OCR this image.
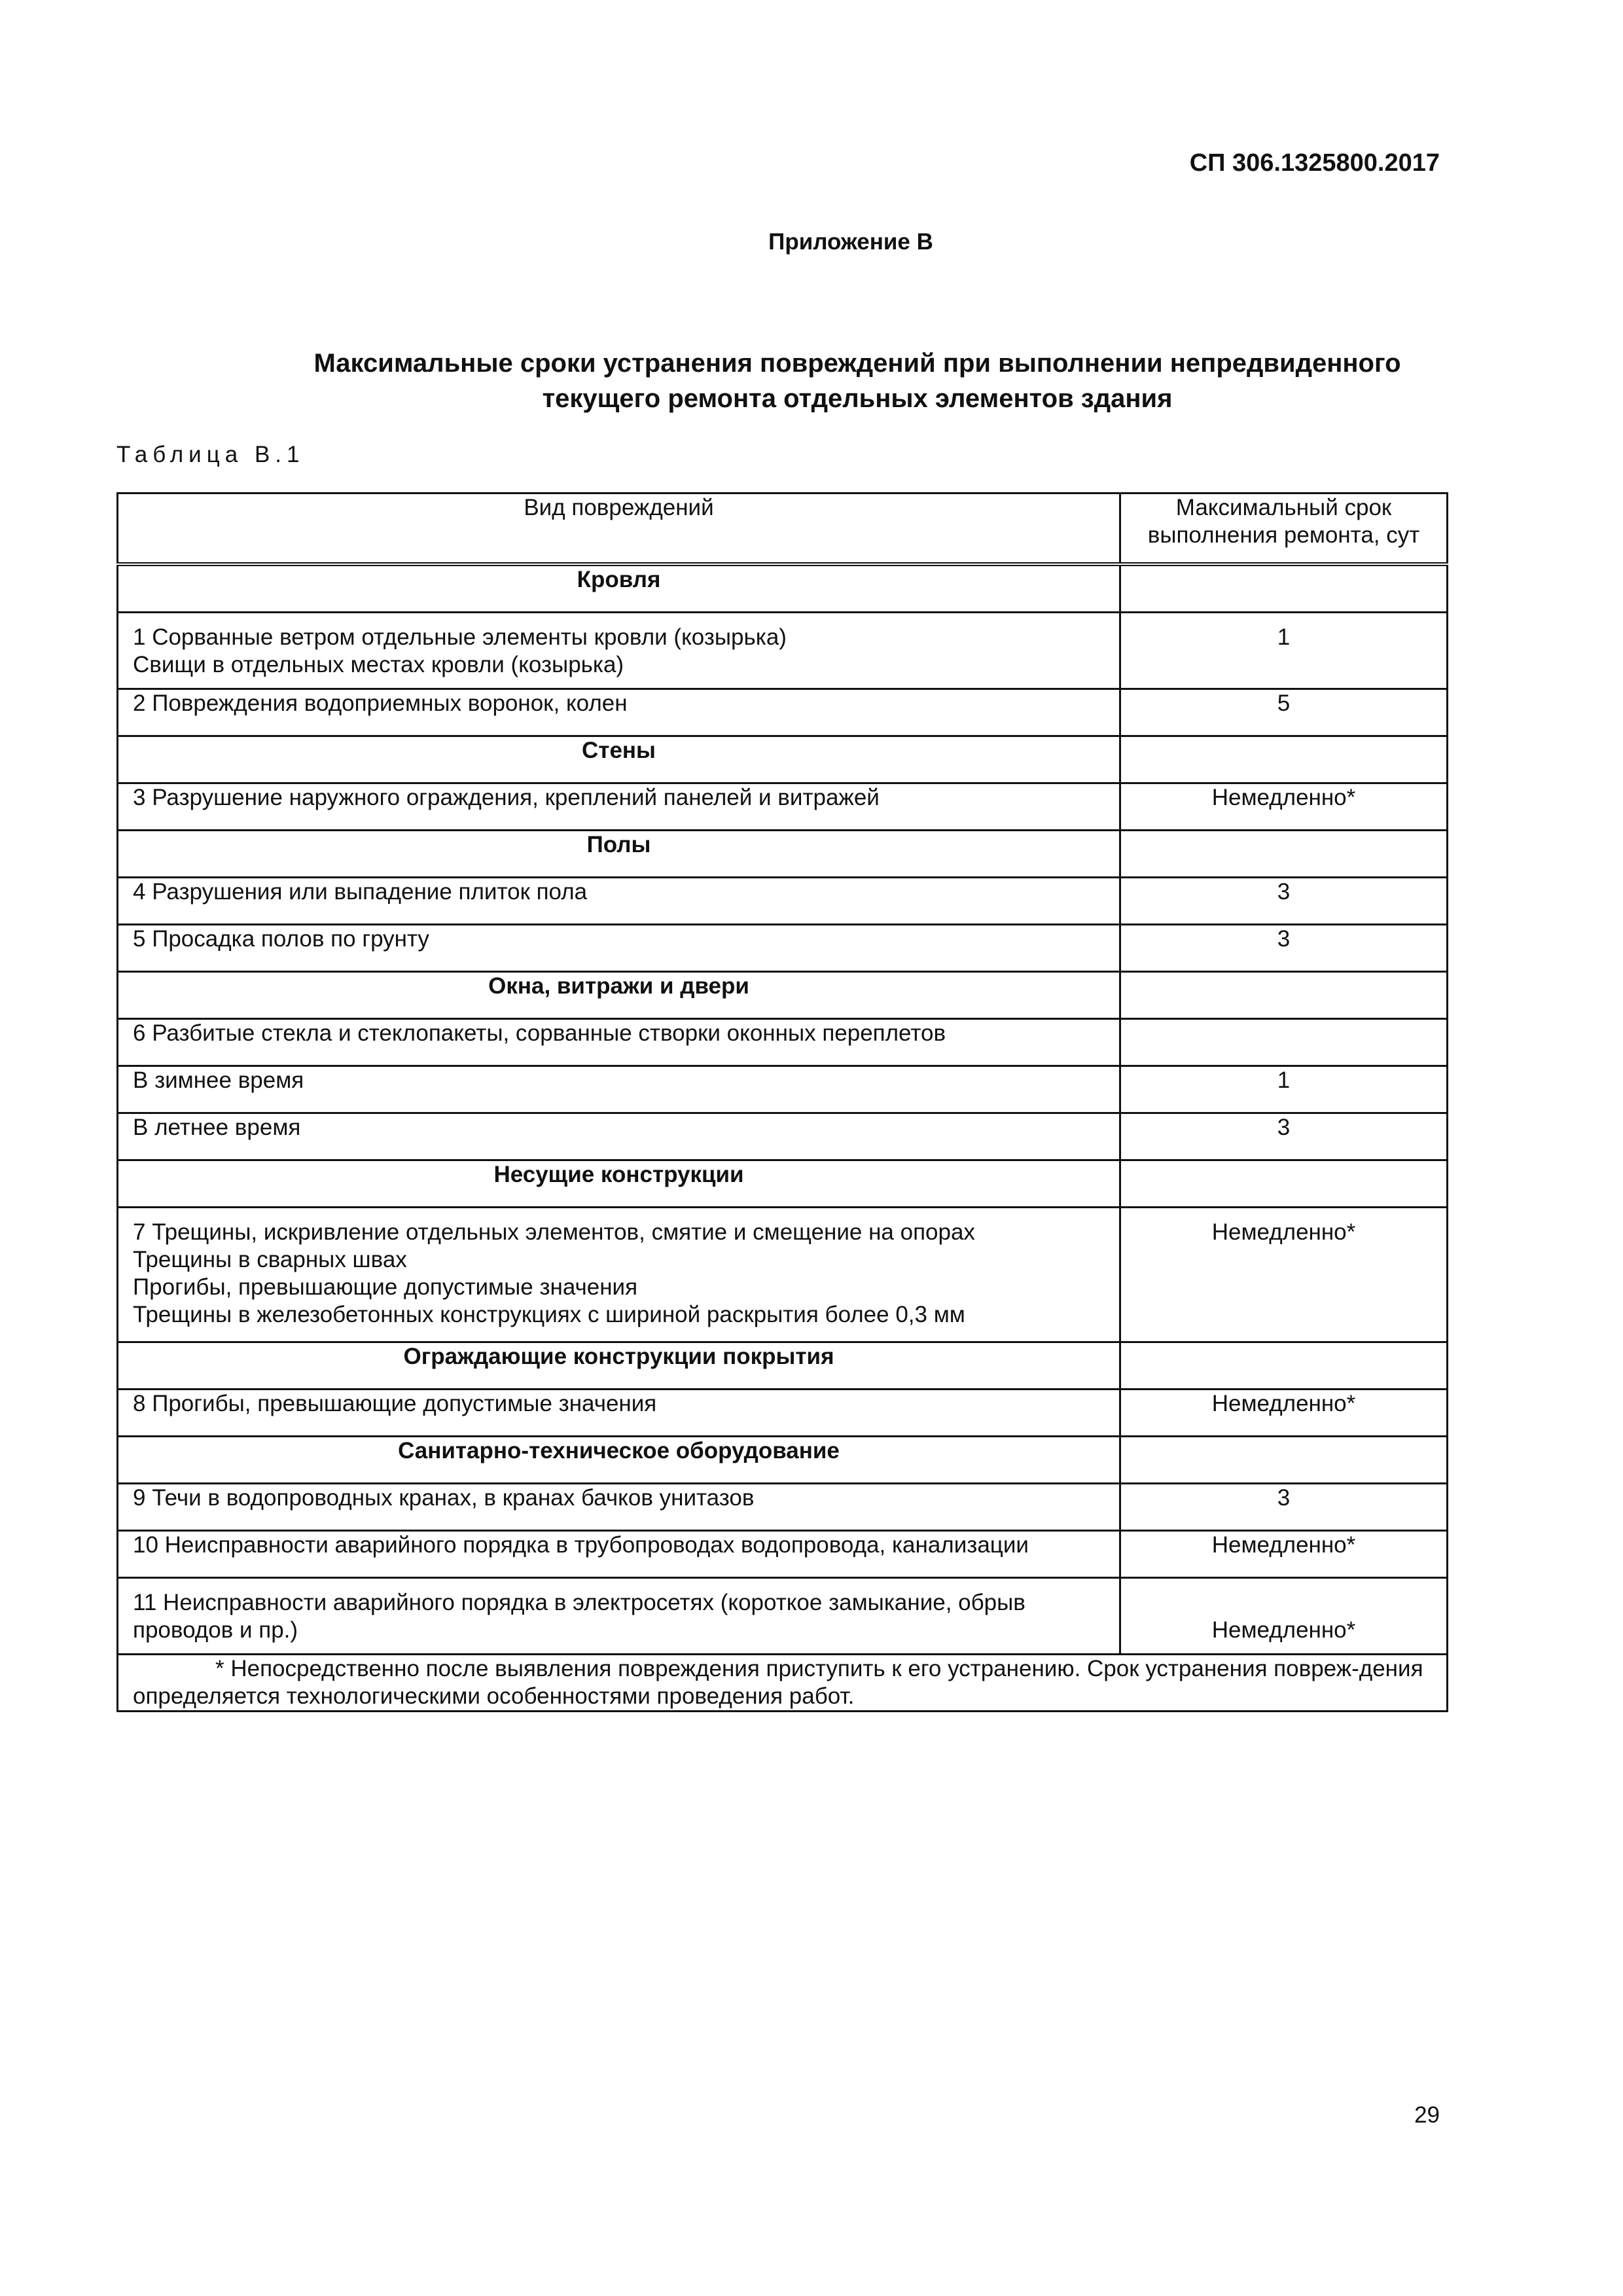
СП 306.1325800.2017
Приложение В
Максимальные сроки устранения повреждений при выполнении непредвиденного
текущего ремонта отдельных элементов здания
Таблица В.1
Вид повреждений	Максимальный срок
выполнения ремонта, сут

Кровля	

1 Сорванные ветром отдельные элементы кровли (козырька)
Свищи в отдельных местах кровли (козырька)	1
2 Повреждения водоприемных воронок, колен	5
Стены	
3 Разрушение наружного ограждения, креплений панелей и витражей	Немедленно*
Полы	
4 Разрушения или выпадение плиток пола	3
5 Просадка полов по грунту	3
Окна, витражи и двери	
6 Разбитые стекла и стеклопакеты, сорванные створки оконных переплетов	
В зимнее время	1
В летнее время	3
Несущие конструкции	

7 Трещины, искривление отдельных элементов, смятие и смещение на опорах
Трещины в сварных швах
Прогибы, превышающие допустимые значения
Трещины в железобетонных конструкциях с шириной раскрытия более 0,3 мм	Немедленно*
Ограждающие конструкции покрытия	
8 Прогибы, превышающие допустимые значения	Немедленно*
Санитарно-техническое оборудование	
9 Течи в водопроводных кранах, в кранах бачков унитазов	3
10 Неисправности аварийного порядка в трубопроводах водопровода, канализации	Немедленно*

11 Неисправности аварийного порядка в электросетях (короткое замыкание, обрыв
проводов и пр.)	Немедленно*

* Непосредственно после выявления повреждения приступить к его устранению. Срок устранения повреж-дения определяется технологическими особенностями проведения работ.	
29
